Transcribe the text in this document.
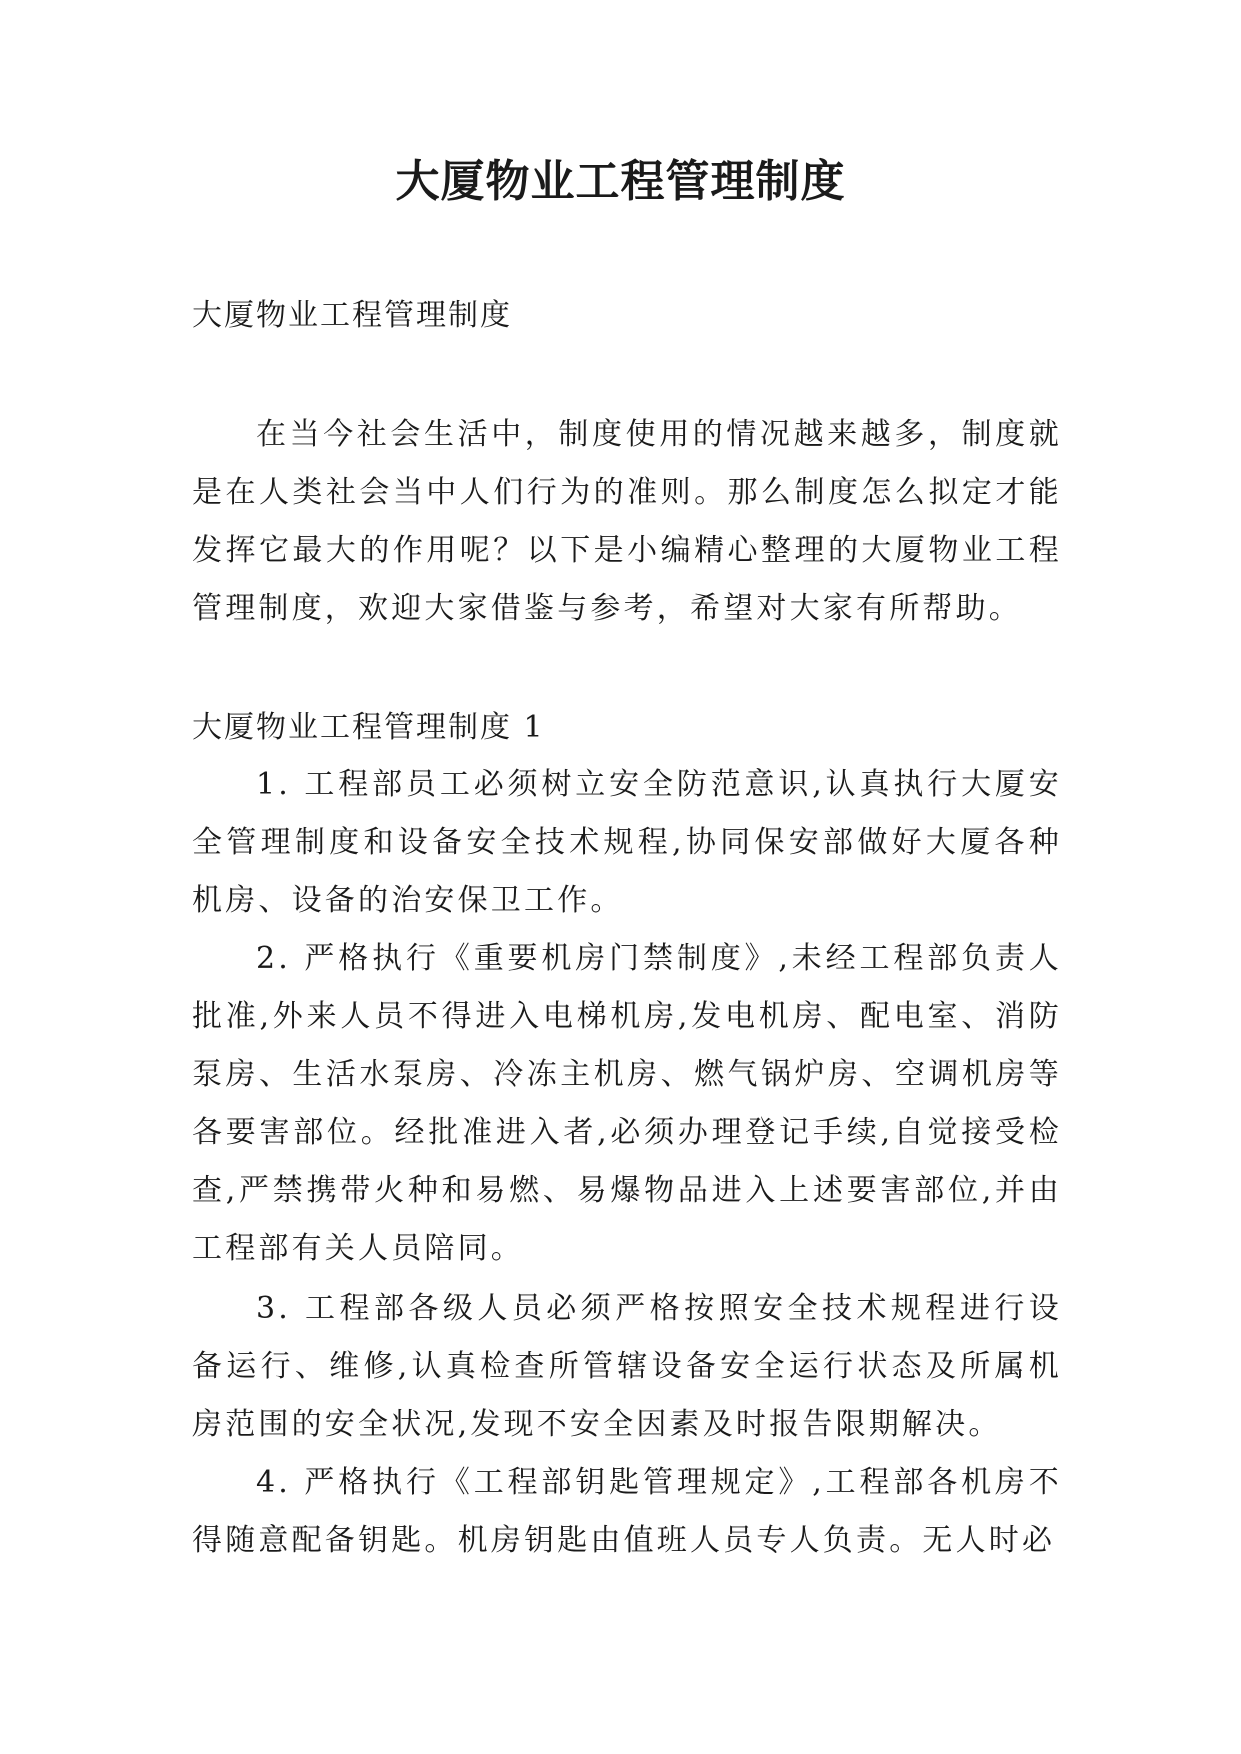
大厦物业工程管理制度

大厦物业工程管理制度

在当今社会生活中，制度使用的情况越来越多，制度就是在人类社会当中人们行为的准则。那么制度怎么拟定才能发挥它最大的作用呢？以下是小编精心整理的大厦物业工程管理制度，欢迎大家借鉴与参考，希望对大家有所帮助。

大厦物业工程管理制度 1

1. 工程部员工必须树立安全防范意识,认真执行大厦安全管理制度和设备安全技术规程,协同保安部做好大厦各种机房、设备的治安保卫工作。

2. 严格执行《重要机房门禁制度》,未经工程部负责人批准,外来人员不得进入电梯机房,发电机房、配电室、消防泵房、生活水泵房、冷冻主机房、燃气锅炉房、空调机房等各要害部位。经批准进入者,必须办理登记手续,自觉接受检查,严禁携带火种和易燃、易爆物品进入上述要害部位,并由工程部有关人员陪同。

3. 工程部各级人员必须严格按照安全技术规程进行设备运行、维修,认真检查所管辖设备安全运行状态及所属机房范围的安全状况,发现不安全因素及时报告限期解决。

4. 严格执行《工程部钥匙管理规定》,工程部各机房不得随意配备钥匙。机房钥匙由值班人员专人负责。无人时必
